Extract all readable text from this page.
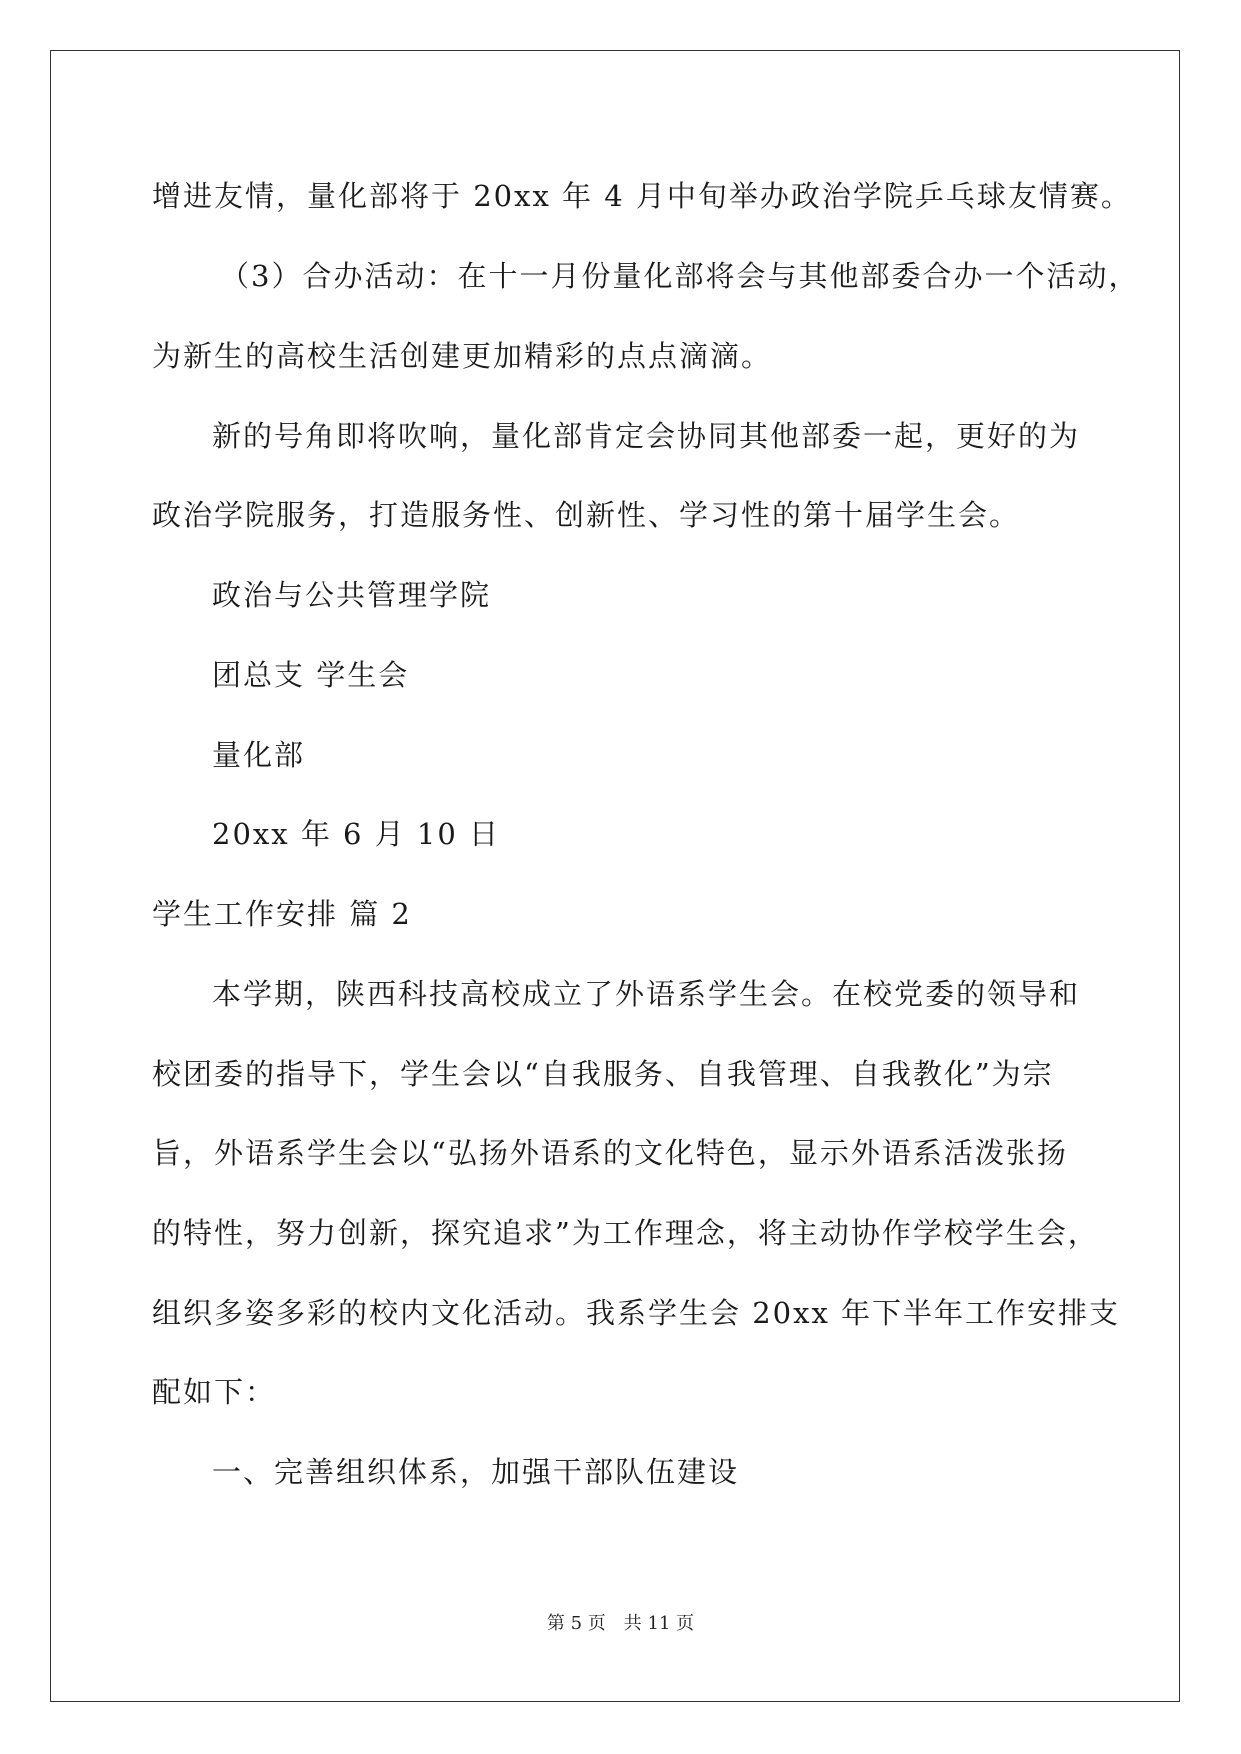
增进友情，量化部将于 20xx 年 4 月中旬举办政治学院乒乓球友情赛。
（3）合办活动：在十一月份量化部将会与其他部委合办一个活动，
为新生的高校生活创建更加精彩的点点滴滴。
新的号角即将吹响，量化部肯定会协同其他部委一起，更好的为
政治学院服务，打造服务性、创新性、学习性的第十届学生会。
政治与公共管理学院
团总支 学生会
量化部
20xx 年 6 月 10 日
学生工作安排 篇 2
本学期，陕西科技高校成立了外语系学生会。在校党委的领导和
校团委的指导下，学生会以“自我服务、自我管理、自我教化”为宗
旨，外语系学生会以“弘扬外语系的文化特色，显示外语系活泼张扬
的特性，努力创新，探究追求”为工作理念，将主动协作学校学生会，
组织多姿多彩的校内文化活动。我系学生会 20xx 年下半年工作安排支
配如下：
一、完善组织体系，加强干部队伍建设
第 5 页 共 11 页
